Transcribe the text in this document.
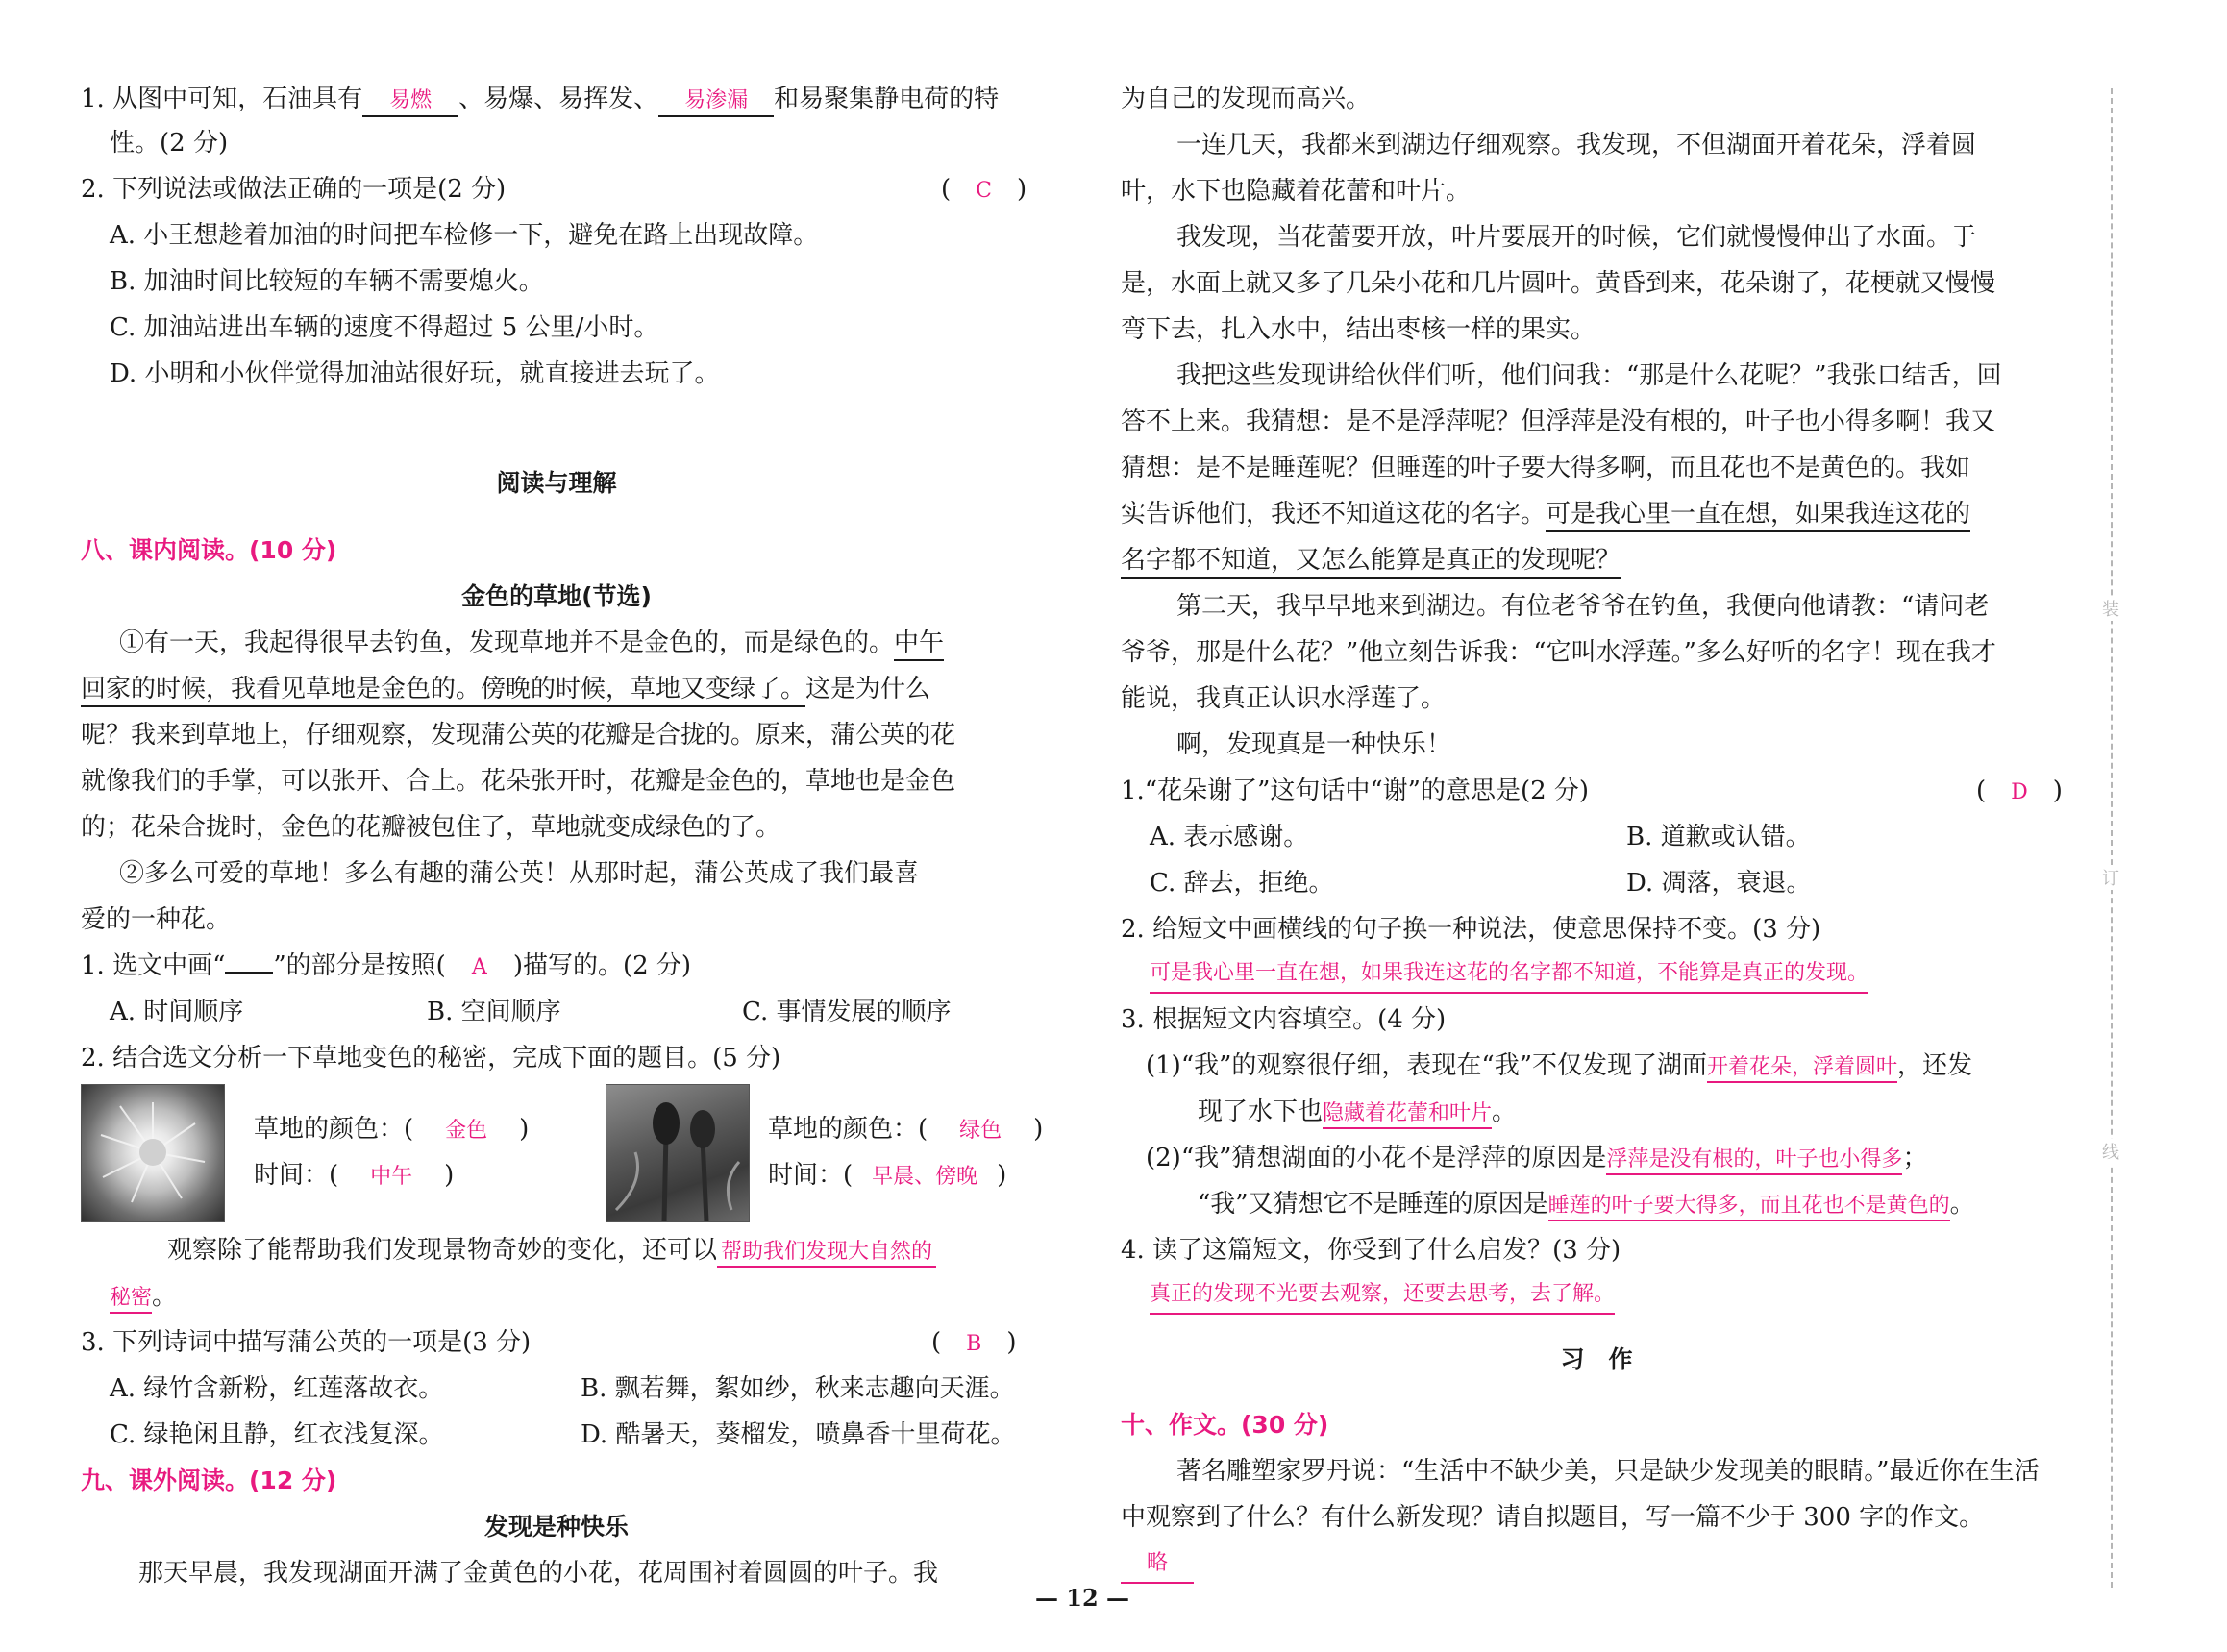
1. 从图中可知，石油具有 易燃 、易爆、易挥发、 易渗漏 和易聚集静电荷的特
性。(2 分)
2. 下列说法或做法正确的一项是(2 分)	(　C　)
A. 小王想趁着加油的时间把车检修一下，避免在路上出现故障。
B. 加油时间比较短的车辆不需要熄火。
C. 加油站进出车辆的速度不得超过 5 公里/小时。
D. 小明和小伙伴觉得加油站很好玩，就直接进去玩了。
阅读与理解
八、课内阅读。(10 分)
金色的草地(节选)
①有一天，我起得很早去钓鱼，发现草地并不是金色的，而是绿色的。中午
回家的时候，我看见草地是金色的。傍晚的时候，草地又变绿了。这是为什么
呢？我来到草地上，仔细观察，发现蒲公英的花瓣是合拢的。原来，蒲公英的花
就像我们的手掌，可以张开、合上。花朵张开时，花瓣是金色的，草地也是金色
的；花朵合拢时，金色的花瓣被包住了，草地就变成绿色的了。
②多么可爱的草地！多么有趣的蒲公英！从那时起，蒲公英成了我们最喜
爱的一种花。
1. 选文中画“ ”的部分是按照( A )描写的。(2 分)
A. 时间顺序	B. 空间顺序	C. 事情发展的顺序
2. 结合选文分析一下草地变色的秘密，完成下面的题目。(5 分)
草地的颜色：( 金色 )
时间：( 中午 )
草地的颜色：( 绿色 )
时间：( 早晨、傍晚 )
观察除了能帮助我们发现景物奇妙的变化，还可以 帮助我们发现大自然的
秘密。
3. 下列诗词中描写蒲公英的一项是(3 分)	(　B　)
A. 绿竹含新粉，红莲落故衣。	B. 飘若舞，絮如纱，秋来志趣向天涯。
C. 绿艳闲且静，红衣浅复深。	D. 酷暑天，葵榴发，喷鼻香十里荷花。
九、课外阅读。(12 分)
发现是种快乐
那天早晨，我发现湖面开满了金黄色的小花，花周围衬着圆圆的叶子。我
为自己的发现而高兴。
一连几天，我都来到湖边仔细观察。我发现，不但湖面开着花朵，浮着圆
叶，水下也隐藏着花蕾和叶片。
我发现，当花蕾要开放，叶片要展开的时候，它们就慢慢伸出了水面。于
是，水面上就又多了几朵小花和几片圆叶。黄昏到来，花朵谢了，花梗就又慢慢
弯下去，扎入水中，结出枣核一样的果实。
我把这些发现讲给伙伴们听，他们问我：“那是什么花呢？”我张口结舌，回
答不上来。我猜想：是不是浮萍呢？但浮萍是没有根的，叶子也小得多啊！我又
猜想：是不是睡莲呢？但睡莲的叶子要大得多啊，而且花也不是黄色的。我如
实告诉他们，我还不知道这花的名字。可是我心里一直在想，如果我连这花的
名字都不知道，又怎么能算是真正的发现呢？
第二天，我早早地来到湖边。有位老爷爷在钓鱼，我便向他请教：“请问老
爷爷，那是什么花？”他立刻告诉我：“它叫水浮莲。”多么好听的名字！现在我才
能说，我真正认识水浮莲了。
啊，发现真是一种快乐！
1.“花朵谢了”这句话中“谢”的意思是(2 分)	(　D　)
A. 表示感谢。	B. 道歉或认错。
C. 辞去，拒绝。	D. 凋落，衰退。
2. 给短文中画横线的句子换一种说法，使意思保持不变。(3 分)
可是我心里一直在想，如果我连这花的名字都不知道，不能算是真正的发现。
3. 根据短文内容填空。(4 分)
(1)“我”的观察很仔细，表现在“我”不仅发现了湖面开着花朵，浮着圆叶，还发
现了水下也隐藏着花蕾和叶片。
(2)“我”猜想湖面的小花不是浮萍的原因是浮萍是没有根的，叶子也小得多；
“我”又猜想它不是睡莲的原因是睡莲的叶子要大得多，而且花也不是黄色的。
4. 读了这篇短文，你受到了什么启发？(3 分)
真正的发现不光要去观察，还要去思考，去了解。
习　作
十、作文。(30 分)
著名雕塑家罗丹说：“生活中不缺少美，只是缺少发现美的眼睛。”最近你在生活
中观察到了什么？有什么新发现？请自拟题目，写一篇不少于 300 字的作文。
略
装
订
线
— 12 —
